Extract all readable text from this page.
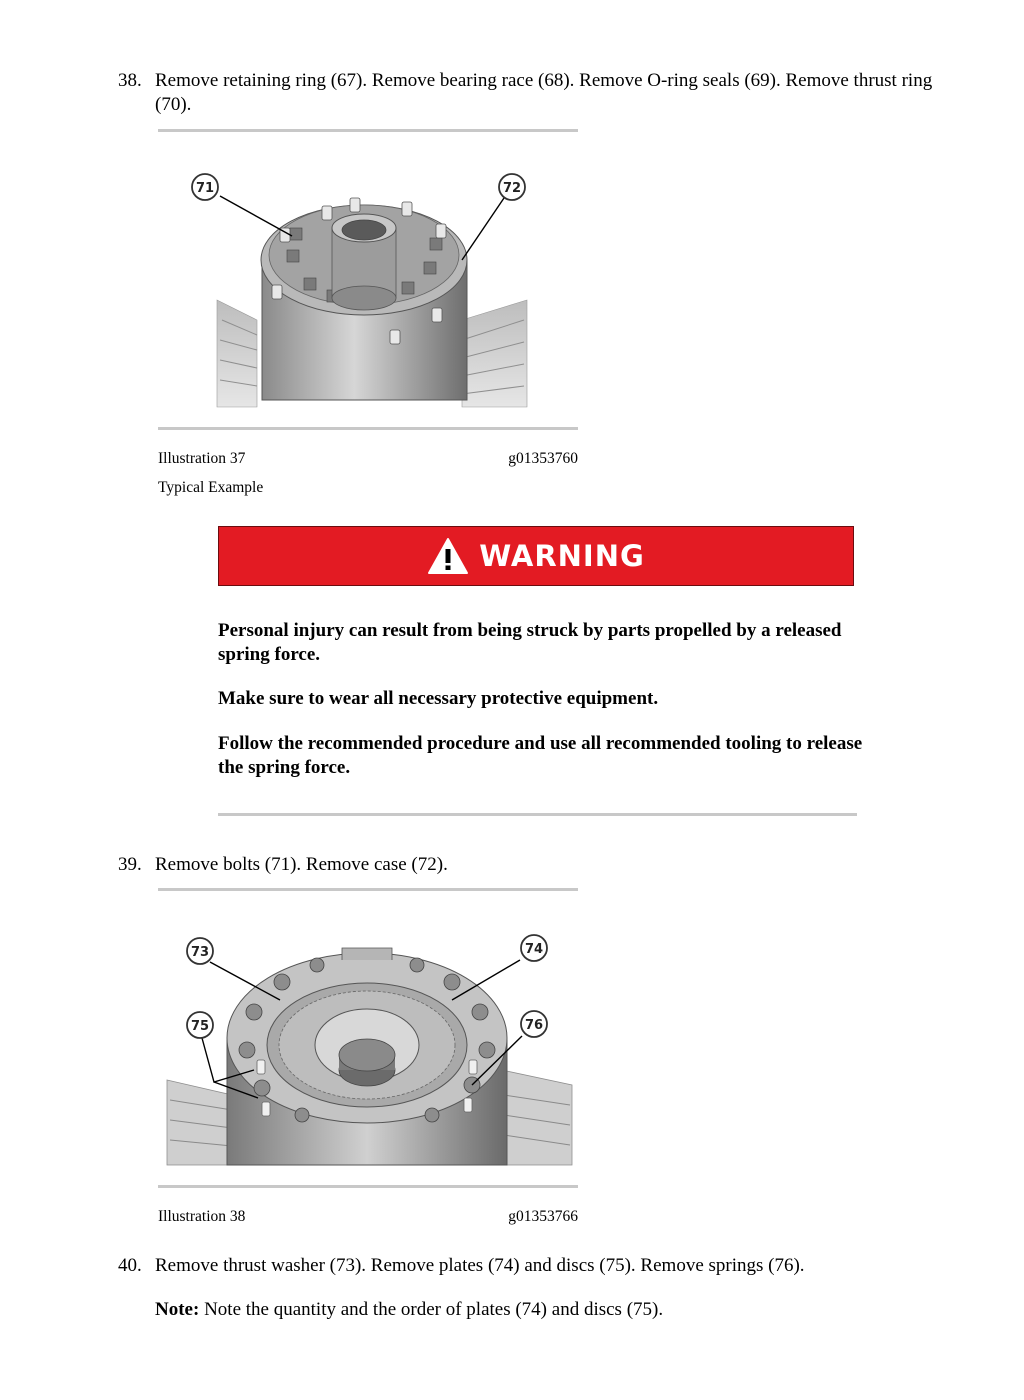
38. Remove retaining ring (67). Remove bearing race (68). Remove O-ring seals (69). Remove thrust ring (70).
71	72
Illustration 37	g01353760
Typical Example
WARNING
Personal injury can result from being struck by parts propelled by a released spring force.
Make sure to wear all necessary protective equipment.
Follow the recommended procedure and use all recommended tooling to release the spring force.
39. Remove bolts (71). Remove case (72).
73	74
75	76
Illustration 38	g01353766
40. Remove thrust washer (73). Remove plates (74) and discs (75). Remove springs (76).
Note: Note the quantity and the order of plates (74) and discs (75).
